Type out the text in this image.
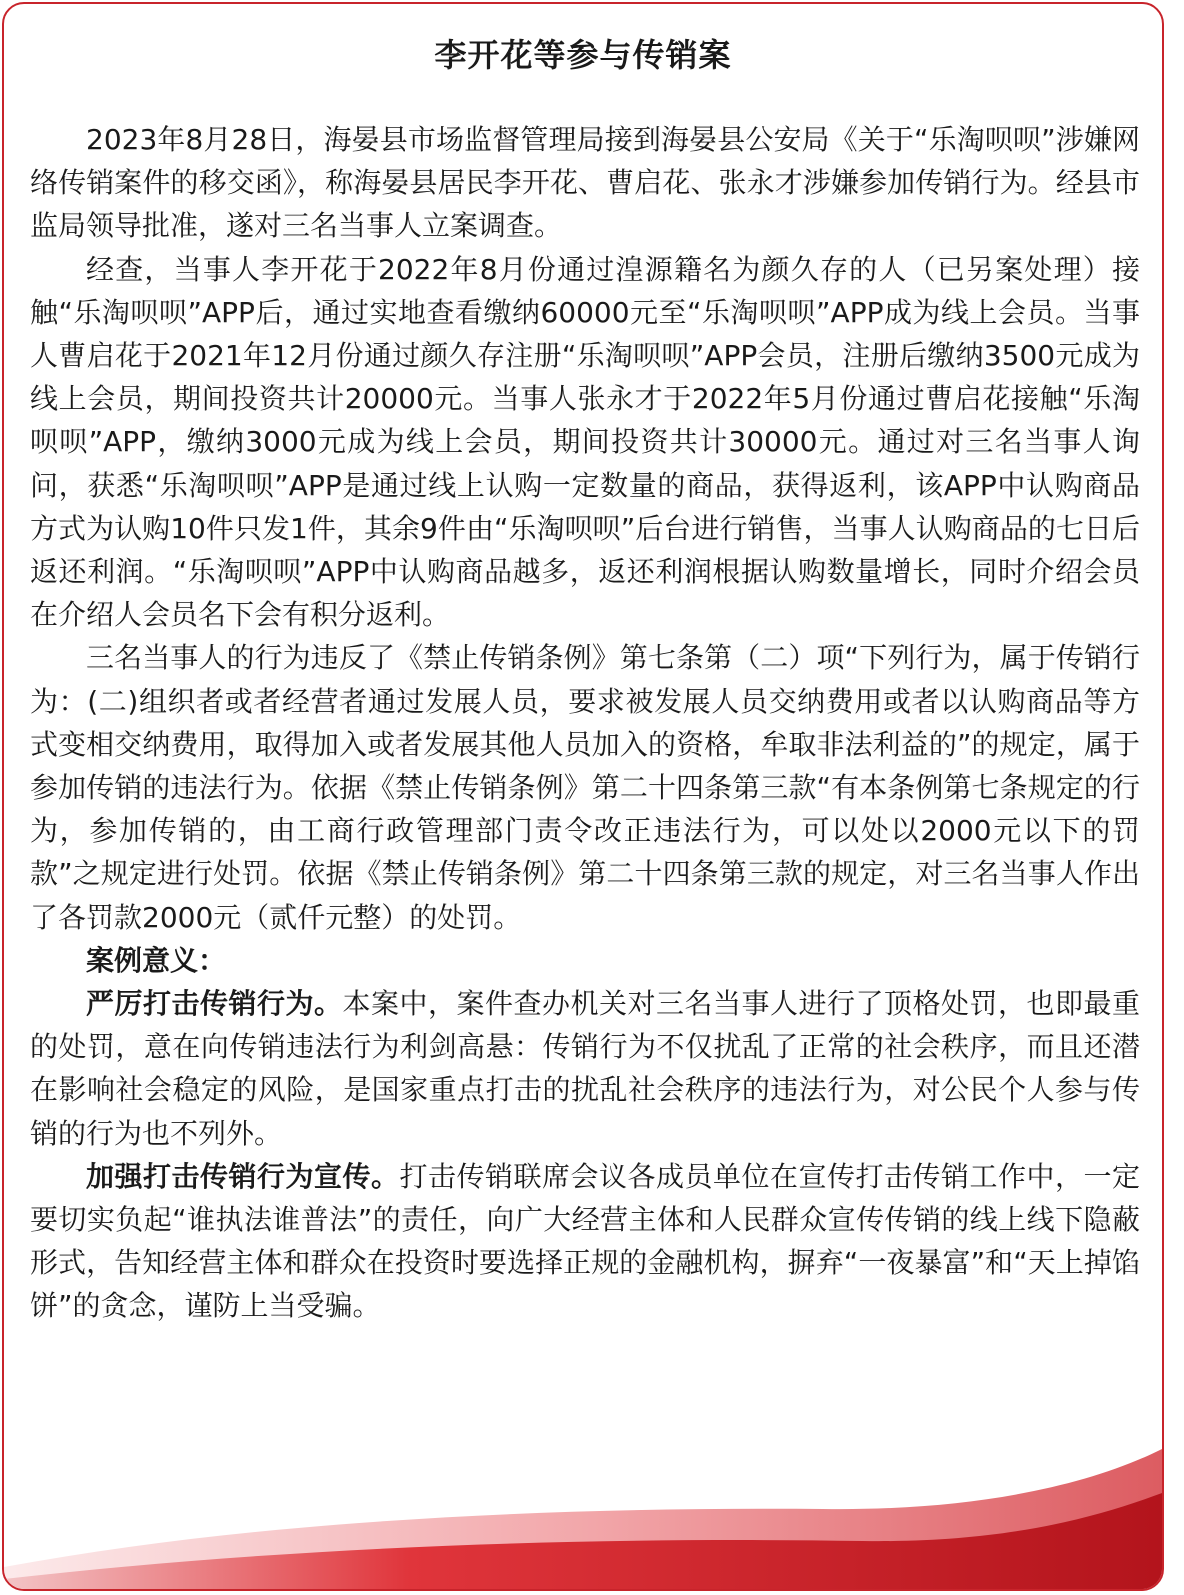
李开花等参与传销案

2023年8月28日，海晏县市场监督管理局接到海晏县公安局《关于“乐淘呗呗”涉嫌网络传销案件的移交函》，称海晏县居民李开花、曹启花、张永才涉嫌参加传销行为。经县市监局领导批准，遂对三名当事人立案调查。

经查，当事人李开花于2022年8月份通过湟源籍名为颜久存的人（已另案处理）接触“乐淘呗呗”APP后，通过实地查看缴纳60000元至“乐淘呗呗”APP成为线上会员。当事人曹启花于2021年12月份通过颜久存注册“乐淘呗呗”APP会员，注册后缴纳3500元成为线上会员，期间投资共计20000元。当事人张永才于2022年5月份通过曹启花接触“乐淘呗呗”APP，缴纳3000元成为线上会员，期间投资共计30000元。通过对三名当事人询问，获悉“乐淘呗呗”APP是通过线上认购一定数量的商品，获得返利，该APP中认购商品方式为认购10件只发1件，其余9件由“乐淘呗呗”后台进行销售，当事人认购商品的七日后返还利润。“乐淘呗呗”APP中认购商品越多，返还利润根据认购数量增长，同时介绍会员在介绍人会员名下会有积分返利。

三名当事人的行为违反了《禁止传销条例》第七条第（二）项“下列行为，属于传销行为：(二)组织者或者经营者通过发展人员，要求被发展人员交纳费用或者以认购商品等方式变相交纳费用，取得加入或者发展其他人员加入的资格，牟取非法利益的”的规定，属于参加传销的违法行为。依据《禁止传销条例》第二十四条第三款“有本条例第七条规定的行为，参加传销的，由工商行政管理部门责令改正违法行为，可以处以2000元以下的罚款”之规定进行处罚。依据《禁止传销条例》第二十四条第三款的规定，对三名当事人作出了各罚款2000元（贰仟元整）的处罚。

案例意义：

严厉打击传销行为。本案中，案件查办机关对三名当事人进行了顶格处罚，也即最重的处罚，意在向传销违法行为利剑高悬：传销行为不仅扰乱了正常的社会秩序，而且还潜在影响社会稳定的风险，是国家重点打击的扰乱社会秩序的违法行为，对公民个人参与传销的行为也不列外。

加强打击传销行为宣传。打击传销联席会议各成员单位在宣传打击传销工作中，一定要切实负起“谁执法谁普法”的责任，向广大经营主体和人民群众宣传传销的线上线下隐蔽形式，告知经营主体和群众在投资时要选择正规的金融机构，摒弃“一夜暴富”和“天上掉馅饼”的贪念，谨防上当受骗。
